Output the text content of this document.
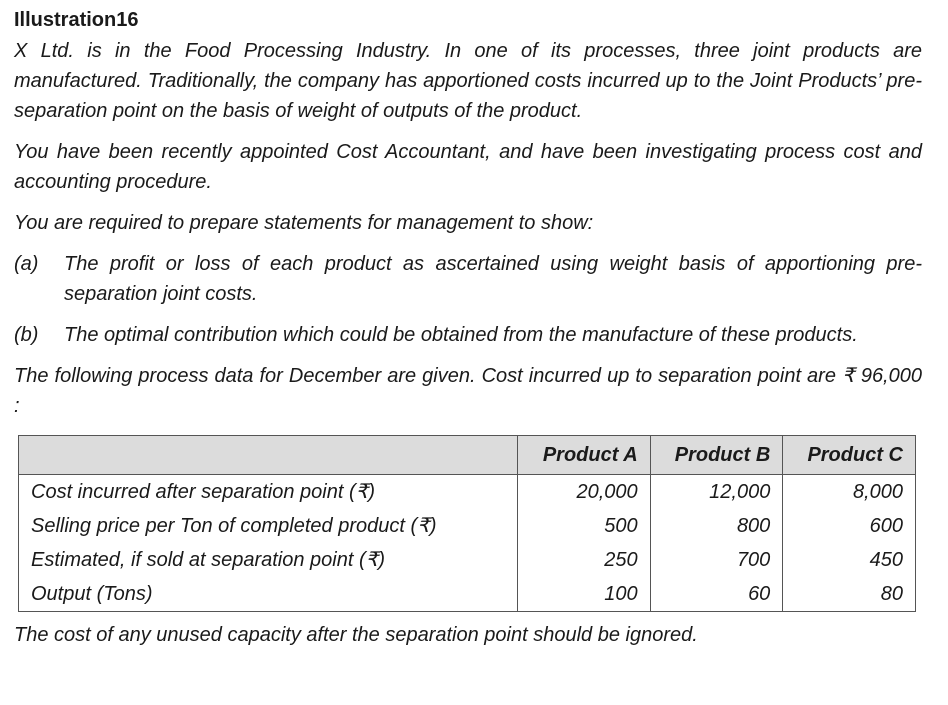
Illustration16

X Ltd. is in the Food Processing Industry. In one of its processes, three joint products are manufactured. Traditionally, the company has apportioned costs incurred up to the Joint Products’ pre-separation point on the basis of weight of outputs of the product.

You have been recently appointed Cost Accountant, and have been investigating process cost and accounting procedure.

You are required to prepare statements for management to show:

(a)	The profit or loss of each product as ascertained using weight basis of apportioning pre-separation joint costs.
(b)	The optimal contribution which could be obtained from the manufacture of these products.

The following process data for December are given. Cost incurred up to separation point are ₹ 96,000 :

	Product A	Product B	Product C
Cost incurred after separation point (₹)	20,000	12,000	8,000
Selling price per Ton of completed product (₹)	500	800	600
Estimated, if sold at separation point (₹)	250	700	450
Output (Tons)	100	60	80

The cost of any unused capacity after the separation point should be ignored.
